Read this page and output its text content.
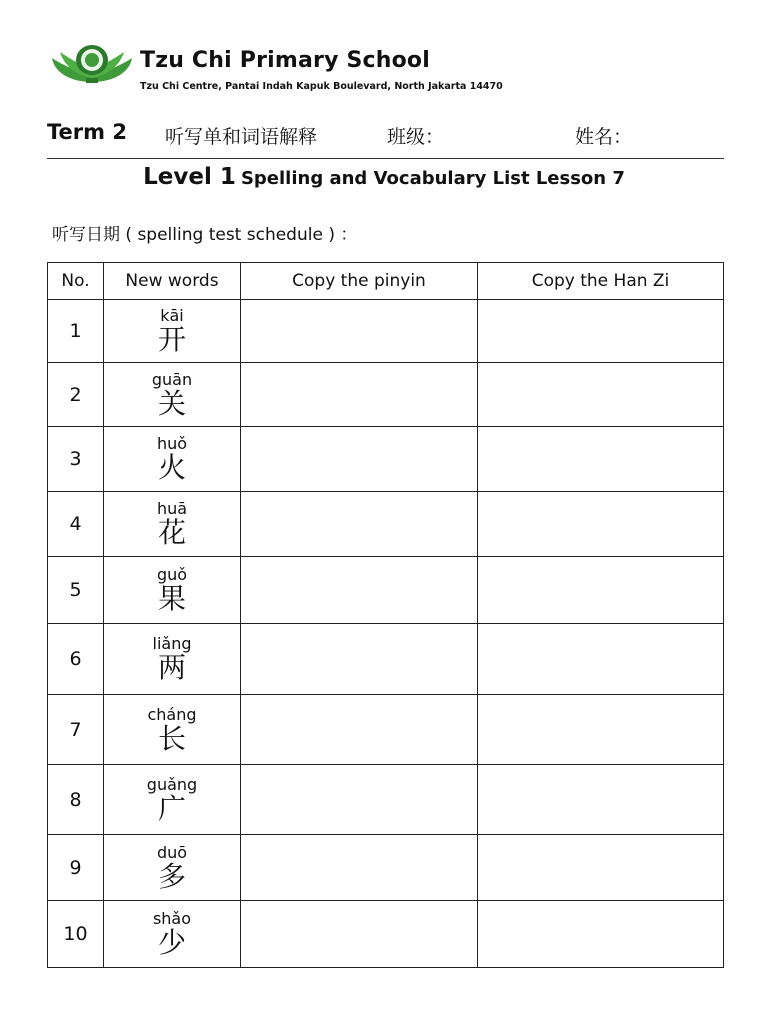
Tzu Chi Primary School
Tzu Chi Centre, Pantai Indah Kapuk Boulevard, North Jakarta 14470
Term 2 听写单和词语解释	班级：	姓名：
Level 1 Spelling and Vocabulary List Lesson 7
听写日期 ( spelling test schedule ) ：
No.	New words	Copy the pinyin	Copy the Han Zi
1	kāi
开		

2	guān
关		

3	huǒ
火		

4	huā
花		

5	guǒ
果		

6	liǎng
两		

7	cháng
长		

8	guǎng
广		

9	duō
多		

10	shǎo
少		
